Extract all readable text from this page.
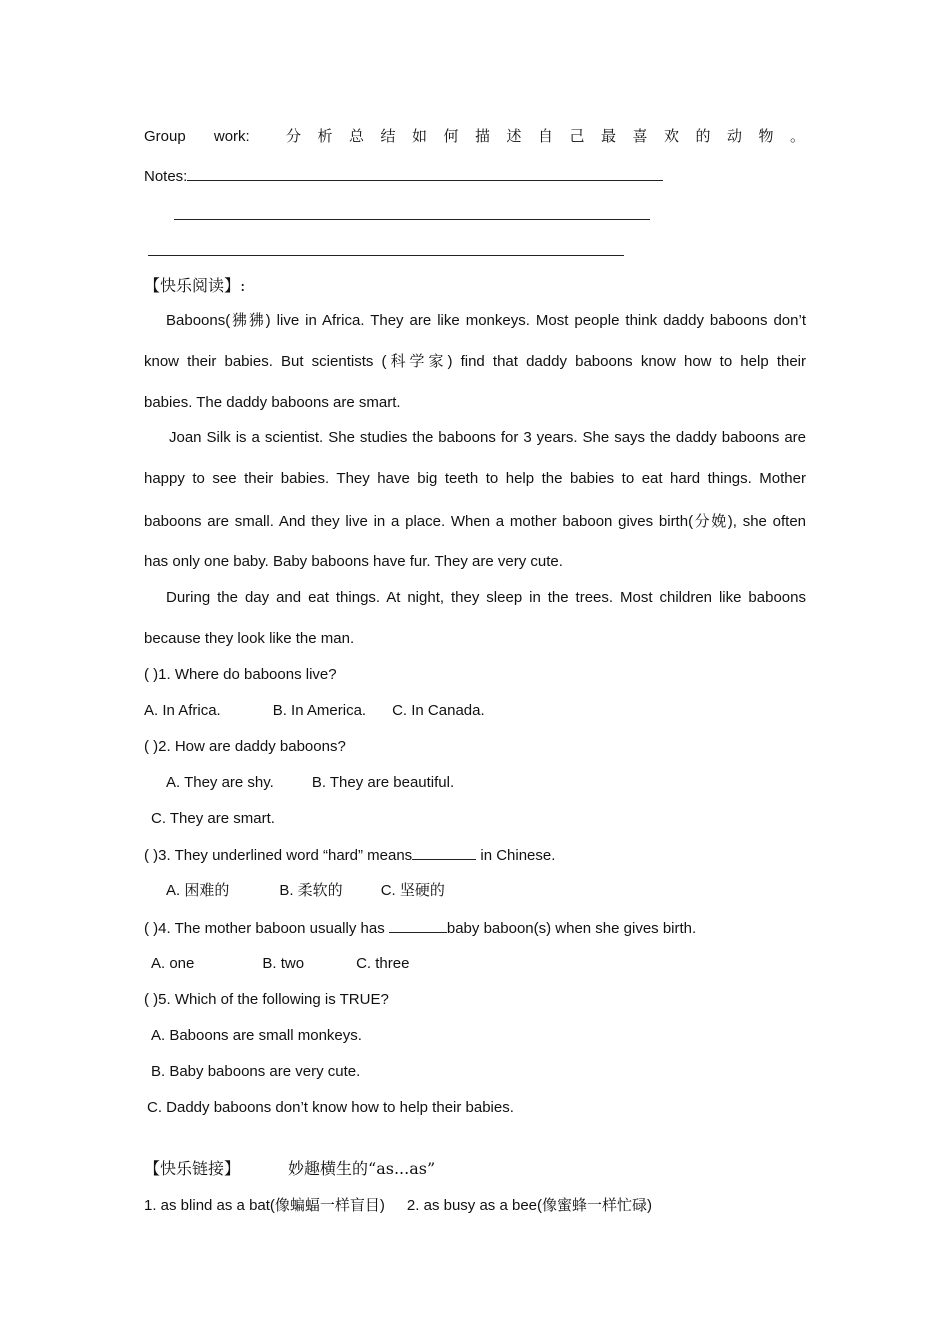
Group work: 分析总结如何描述自己最喜欢的动物。
Notes:
【快乐阅读】:
Baboons(狒狒) live in Africa. They are like monkeys. Most people think daddy baboons don’t
know their babies. But scientists (科学家) find that daddy baboons know how to help their
babies. The daddy baboons are smart.
Joan Silk is a scientist. She studies the baboons for 3 years. She says the daddy baboons are
happy to see their babies. They have big teeth to help the babies to eat hard things. Mother
baboons are small. And they live in a place. When a mother baboon gives birth(分娩), she often
has only one baby. Baby baboons have fur. They are very cute.
During the day and eat things. At night, they sleep in the trees. Most children like baboons
because they look like the man.
( )1. Where do baboons live?
A. In Africa.	B. In America. C. In Canada.
( )2. How are daddy baboons?
A. They are shy.	B. They are beautiful.
C. They are smart.
( )3. They underlined word “hard” means	in Chinese.
A. 困难的	B. 柔软的	C. 坚硬的
( )4. The mother baboon usually has	baby baboon(s) when she gives birth.
A. one	B. two	C. three
( )5. Which of the following is TRUE?
A. Baboons are small monkeys.
B. Baby baboons are very cute.
C. Daddy baboons don’t know how to help their babies.
【快乐链接】	妙趣横生的“as...as”
1. as blind as a bat(像蝙蝠一样盲目) 2. as busy as a bee(像蜜蜂一样忙碌)
